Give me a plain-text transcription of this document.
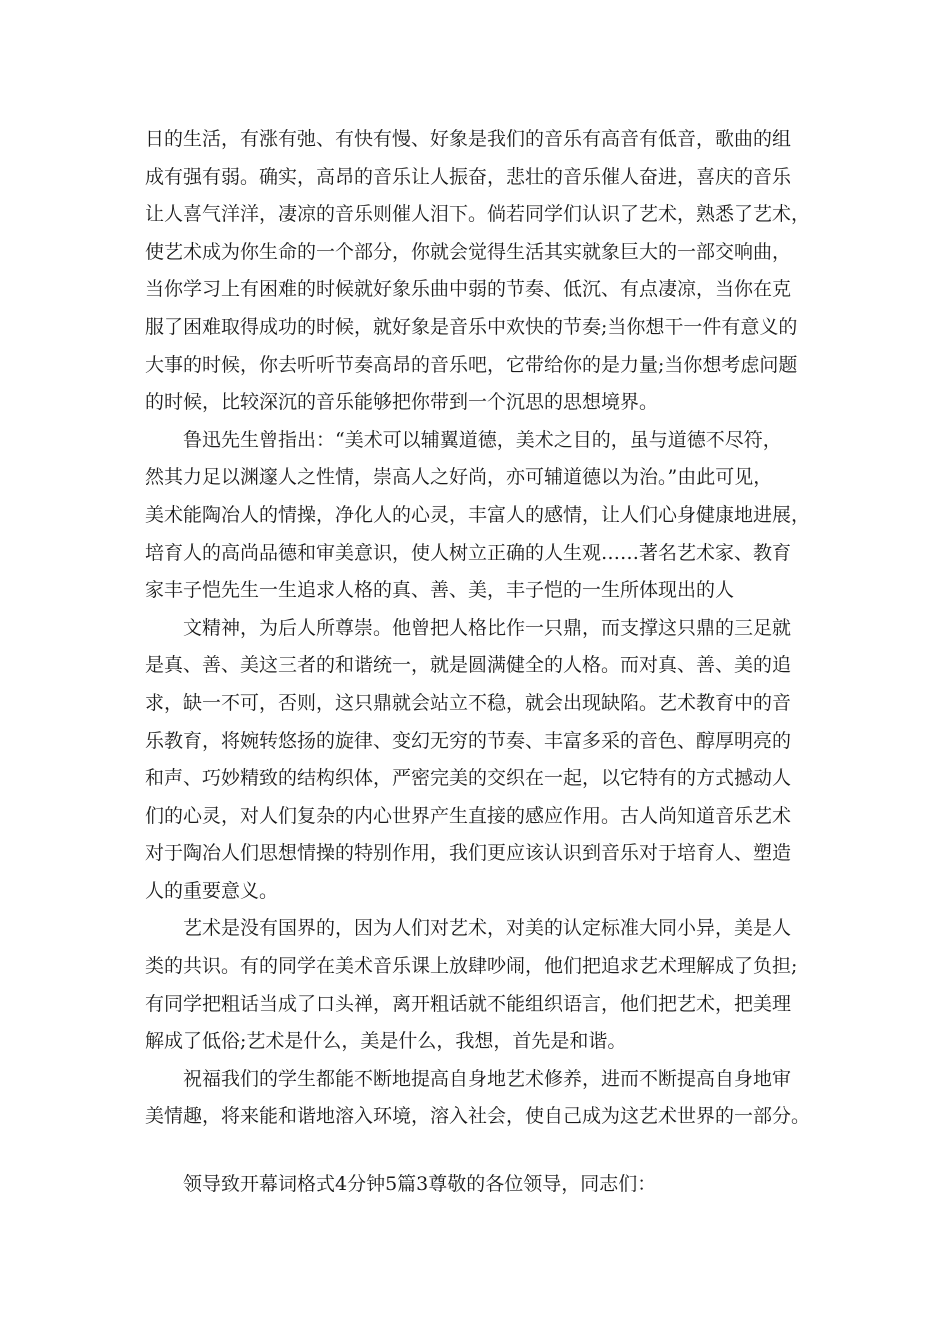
日的生活，有涨有弛、有快有慢、好象是我们的音乐有高音有低音，歌曲的组
成有强有弱。确实，高昂的音乐让人振奋，悲壮的音乐催人奋进，喜庆的音乐
让人喜气洋洋，凄凉的音乐则催人泪下。倘若同学们认识了艺术，熟悉了艺术，
使艺术成为你生命的一个部分，你就会觉得生活其实就象巨大的一部交响曲，
当你学习上有困难的时候就好象乐曲中弱的节奏、低沉、有点凄凉，当你在克
服了困难取得成功的时候，就好象是音乐中欢快的节奏;当你想干一件有意义的
大事的时候，你去听听节奏高昂的音乐吧，它带给你的是力量;当你想考虑问题
的时候，比较深沉的音乐能够把你带到一个沉思的思想境界。
鲁迅先生曾指出：“美术可以辅翼道德，美术之目的，虽与道德不尽符，
然其力足以渊邃人之性情，崇高人之好尚，亦可辅道德以为治。”由此可见，
美术能陶冶人的情操，净化人的心灵，丰富人的感情，让人们心身健康地进展，
培育人的高尚品德和审美意识，使人树立正确的人生观……著名艺术家、教育
家丰子恺先生一生追求人格的真、善、美，丰子恺的一生所体现出的人
文精神，为后人所尊崇。他曾把人格比作一只鼎，而支撑这只鼎的三足就
是真、善、美这三者的和谐统一，就是圆满健全的人格。而对真、善、美的追
求，缺一不可，否则，这只鼎就会站立不稳，就会出现缺陷。艺术教育中的音
乐教育，将婉转悠扬的旋律、变幻无穷的节奏、丰富多采的音色、醇厚明亮的
和声、巧妙精致的结构织体，严密完美的交织在一起，以它特有的方式撼动人
们的心灵，对人们复杂的内心世界产生直接的感应作用。古人尚知道音乐艺术
对于陶冶人们思想情操的特别作用，我们更应该认识到音乐对于培育人、塑造
人的重要意义。
艺术是没有国界的，因为人们对艺术，对美的认定标准大同小异，美是人
类的共识。有的同学在美术音乐课上放肆吵闹，他们把追求艺术理解成了负担;
有同学把粗话当成了口头禅，离开粗话就不能组织语言，他们把艺术，把美理
解成了低俗;艺术是什么，美是什么，我想，首先是和谐。
祝福我们的学生都能不断地提高自身地艺术修养，进而不断提高自身地审
美情趣，将来能和谐地溶入环境，溶入社会，使自己成为这艺术世界的一部分。
领导致开幕词格式4分钟5篇3尊敬的各位领导，同志们：
